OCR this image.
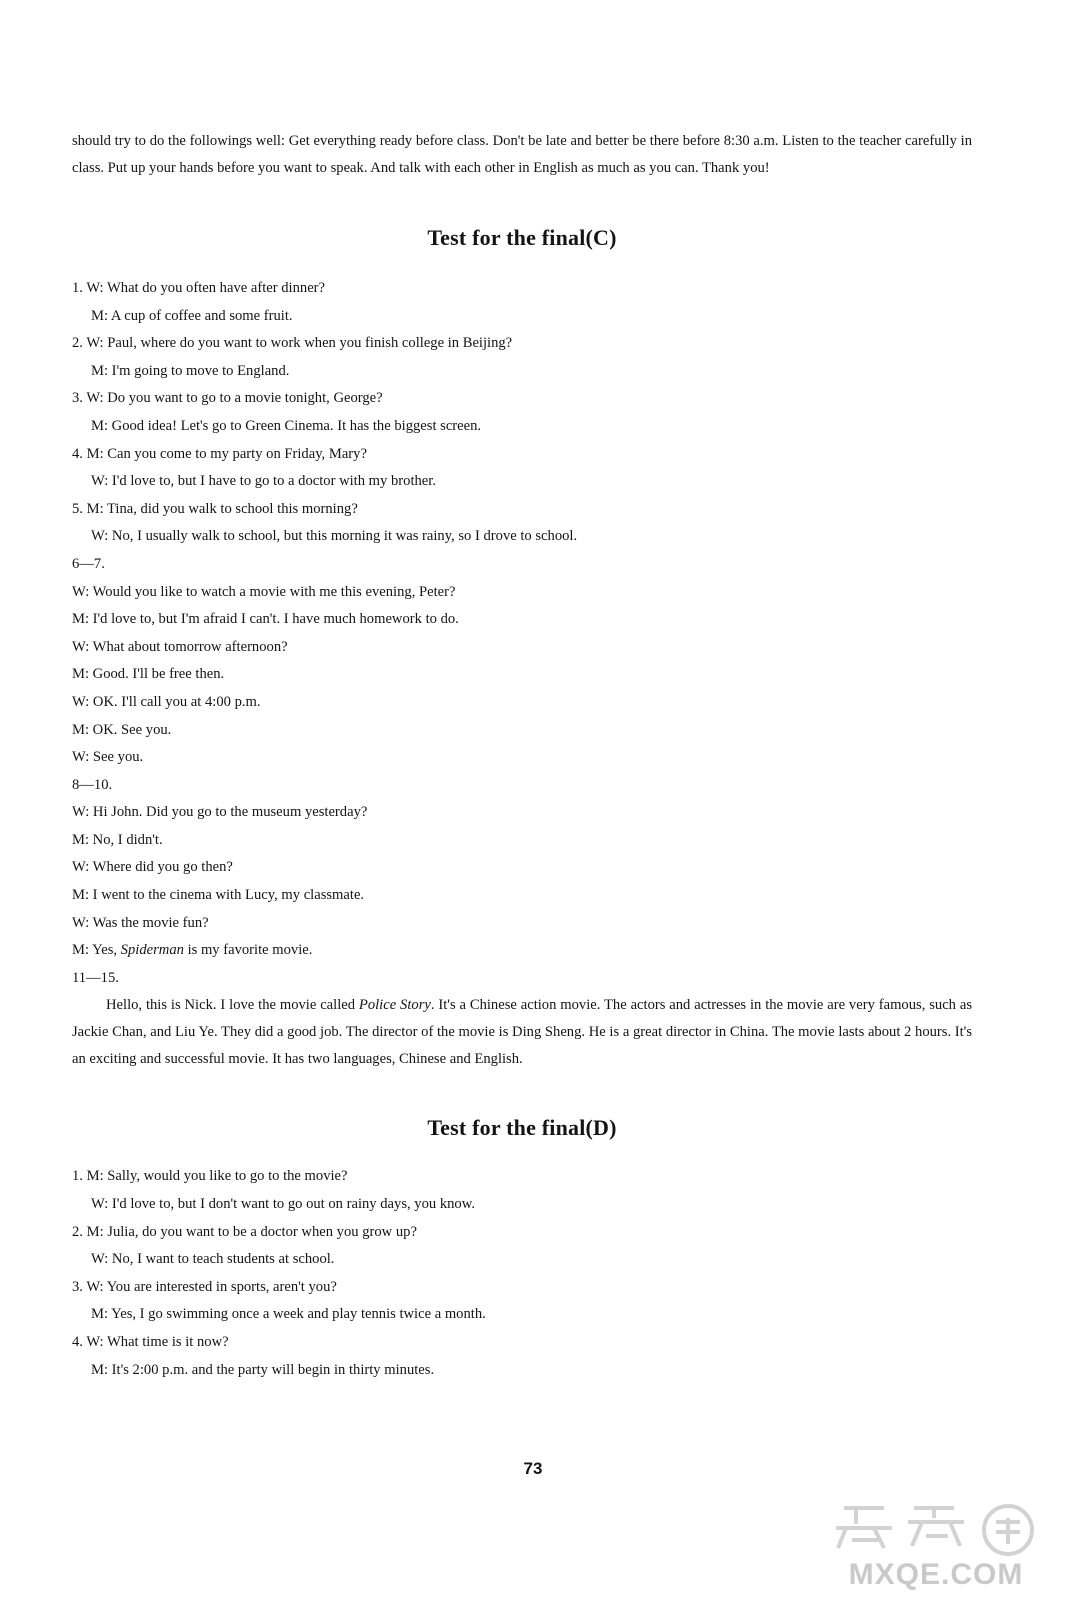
should try to do the followings well: Get everything ready before class. Don't be late and better be there before 8:30 a.m. Listen to the teacher carefully in class. Put up your hands before you want to speak. And talk with each other in English as much as you can. Thank you!

Test for the final(C)

1. W: What do you often have after dinner?

M: A cup of coffee and some fruit.

2. W: Paul, where do you want to work when you finish college in Beijing?

M: I'm going to move to England.

3. W: Do you want to go to a movie tonight, George?

M: Good idea! Let's go to Green Cinema. It has the biggest screen.

4. M: Can you come to my party on Friday, Mary?

W: I'd love to, but I have to go to a doctor with my brother.

5. M: Tina, did you walk to school this morning?

W: No, I usually walk to school, but this morning it was rainy, so I drove to school.

6—7.

W: Would you like to watch a movie with me this evening, Peter?

M: I'd love to, but I'm afraid I can't. I have much homework to do.

W: What about tomorrow afternoon?

M: Good. I'll be free then.

W: OK. I'll call you at 4:00 p.m.

M: OK. See you.

W: See you.

8—10.

W: Hi John. Did you go to the museum yesterday?

M: No, I didn't.

W: Where did you go then?

M: I went to the cinema with Lucy, my classmate.

W: Was the movie fun?

M: Yes, Spiderman is my favorite movie.

11—15.

Hello, this is Nick. I love the movie called Police Story. It's a Chinese action movie. The actors and actresses in the movie are very famous, such as Jackie Chan, and Liu Ye. They did a good job. The director of the movie is Ding Sheng. He is a great director in China. The movie lasts about 2 hours. It's an exciting and successful movie. It has two languages, Chinese and English.

Test for the final(D)

1. M: Sally, would you like to go to the movie?

W: I'd love to, but I don't want to go out on rainy days, you know.

2. M: Julia, do you want to be a doctor when you grow up?

W: No, I want to teach students at school.

3. W: You are interested in sports, aren't you?

M: Yes, I go swimming once a week and play tennis twice a month.

4. W: What time is it now?

M: It's 2:00 p.m. and the party will begin in thirty minutes.

73
MXQE.COM
